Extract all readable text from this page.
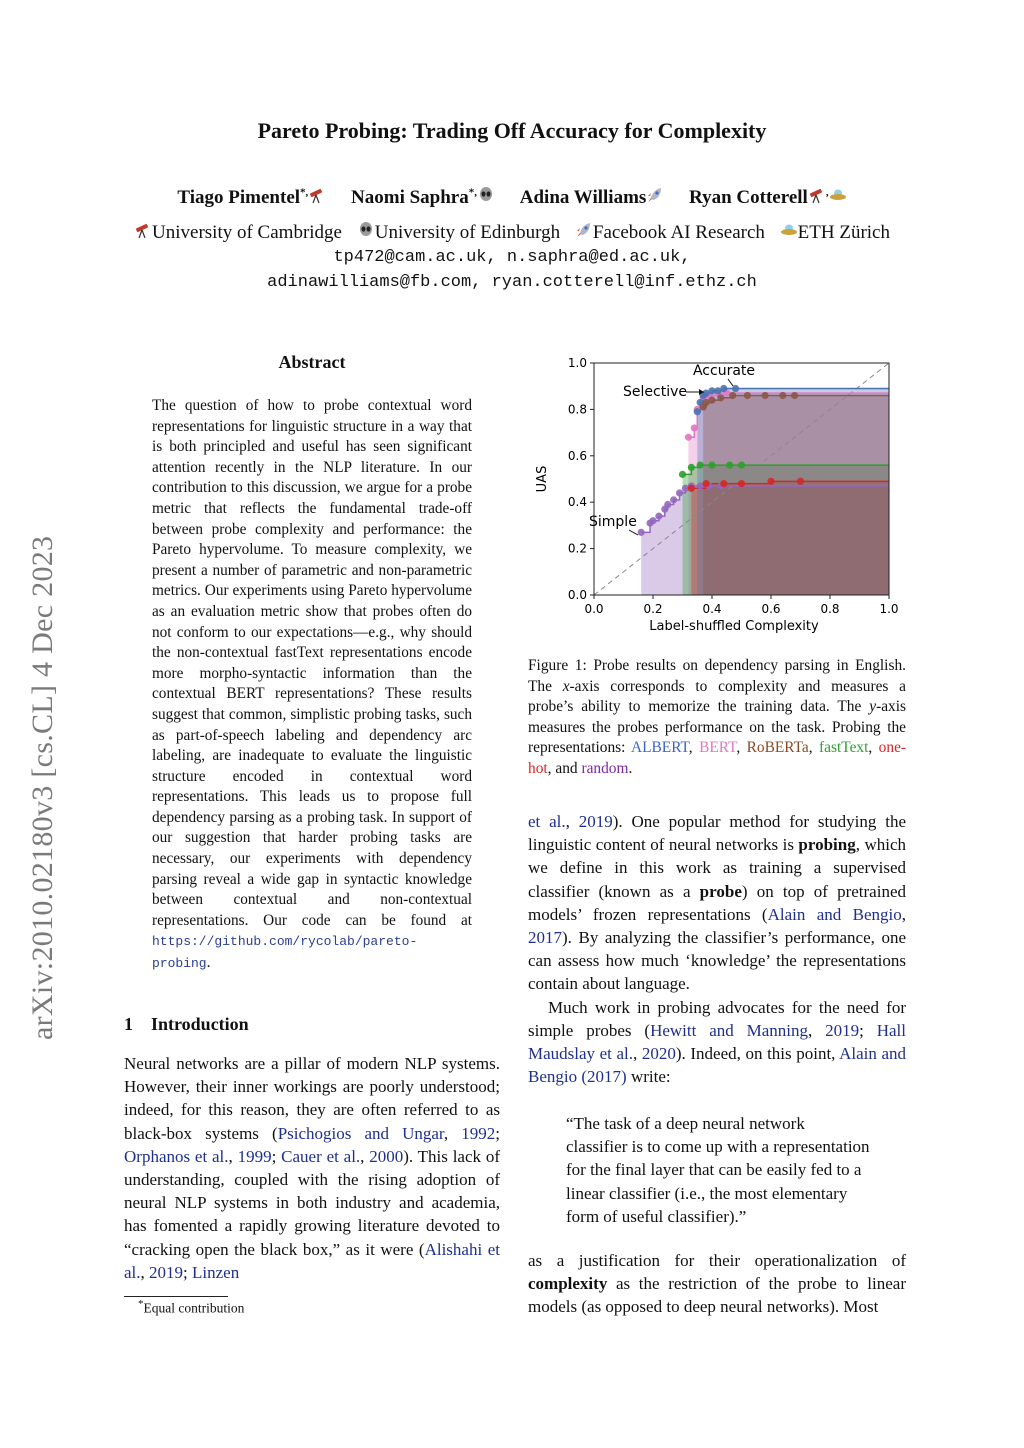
Pareto Probing: Trading Off Accuracy for Complexity
Tiago Pimentel*, Naomi Saphra*, Adina Williams Ryan Cotterell ,
University of Cambridge University of Edinburgh Facebook AI Research ETH Zürich
tp472@cam.ac.uk, n.saphra@ed.ac.uk,
adinawilliams@fb.com, ryan.cotterell@inf.ethz.ch
arXiv:2010.02180v3 [cs.CL] 4 Dec 2023
Abstract
The question of how to probe contextual word representations for linguistic structure in a way that is both principled and useful has seen significant attention recently in the NLP literature. In our contribution to this discussion, we argue for a probe metric that reflects the fundamental trade-off between probe complexity and performance: the Pareto hypervolume. To measure complexity, we present a number of parametric and non-parametric metrics. Our experiments using Pareto hypervolume as an evaluation metric show that probes often do not conform to our expectations—e.g., why should the non-contextual fastText representations encode more morpho-syntactic information than the contextual BERT representations? These results suggest that common, simplistic probing tasks, such as part-of-speech labeling and dependency arc labeling, are inadequate to evaluate the linguistic structure encoded in contextual word representations. This leads us to propose full dependency parsing as a probing task. In support of our suggestion that harder probing tasks are necessary, our experiments with dependency parsing reveal a wide gap in syntactic knowledge between contextual and non-contextual representations. Our code can be found at https://github.com/rycolab/pareto-probing.
1 Introduction
Neural networks are a pillar of modern NLP systems. However, their inner workings are poorly understood; indeed, for this reason, they are often referred to as black-box systems (Psichogios and Ungar, 1992; Orphanos et al., 1999; Cauer et al., 2000). This lack of understanding, coupled with the rising adoption of neural NLP systems in both industry and academia, has fomented a rapidly growing literature devoted to “cracking open the black box,” as it were (Alishahi et al., 2019; Linzen
*Equal contribution
0.0	0.2	0.4	0.6	0.8	1.0
0.0
0.2
0.4
0.6
0.8
1.0
Label-shuffled Complexity
UAS
Accurate
Selective
Simple
Figure 1: Probe results on dependency parsing in English. The x-axis corresponds to complexity and measures a probe’s ability to memorize the training data. The y-axis measures the probes performance on the task. Probing the representations: ALBERT, BERT, RoBERTa, fastText, one-hot, and random.

et al., 2019). One popular method for studying the linguistic content of neural networks is probing, which we define in this work as training a supervised classifier (known as a probe) on top of pretrained models’ frozen representations (Alain and Bengio, 2017). By analyzing the classifier’s performance, one can assess how much ‘knowledge’ the representations contain about language.

Much work in probing advocates for the need for simple probes (Hewitt and Manning, 2019; Hall Maudslay et al., 2020). Indeed, on this point, Alain and Bengio (2017) write:

“The task of a deep neural network classifier is to come up with a representation for the final layer that can be easily fed to a linear classifier (i.e., the most elementary form of useful classifier).”
as a justification for their operationalization of complexity as the restriction of the probe to linear models (as opposed to deep neural networks). Most
